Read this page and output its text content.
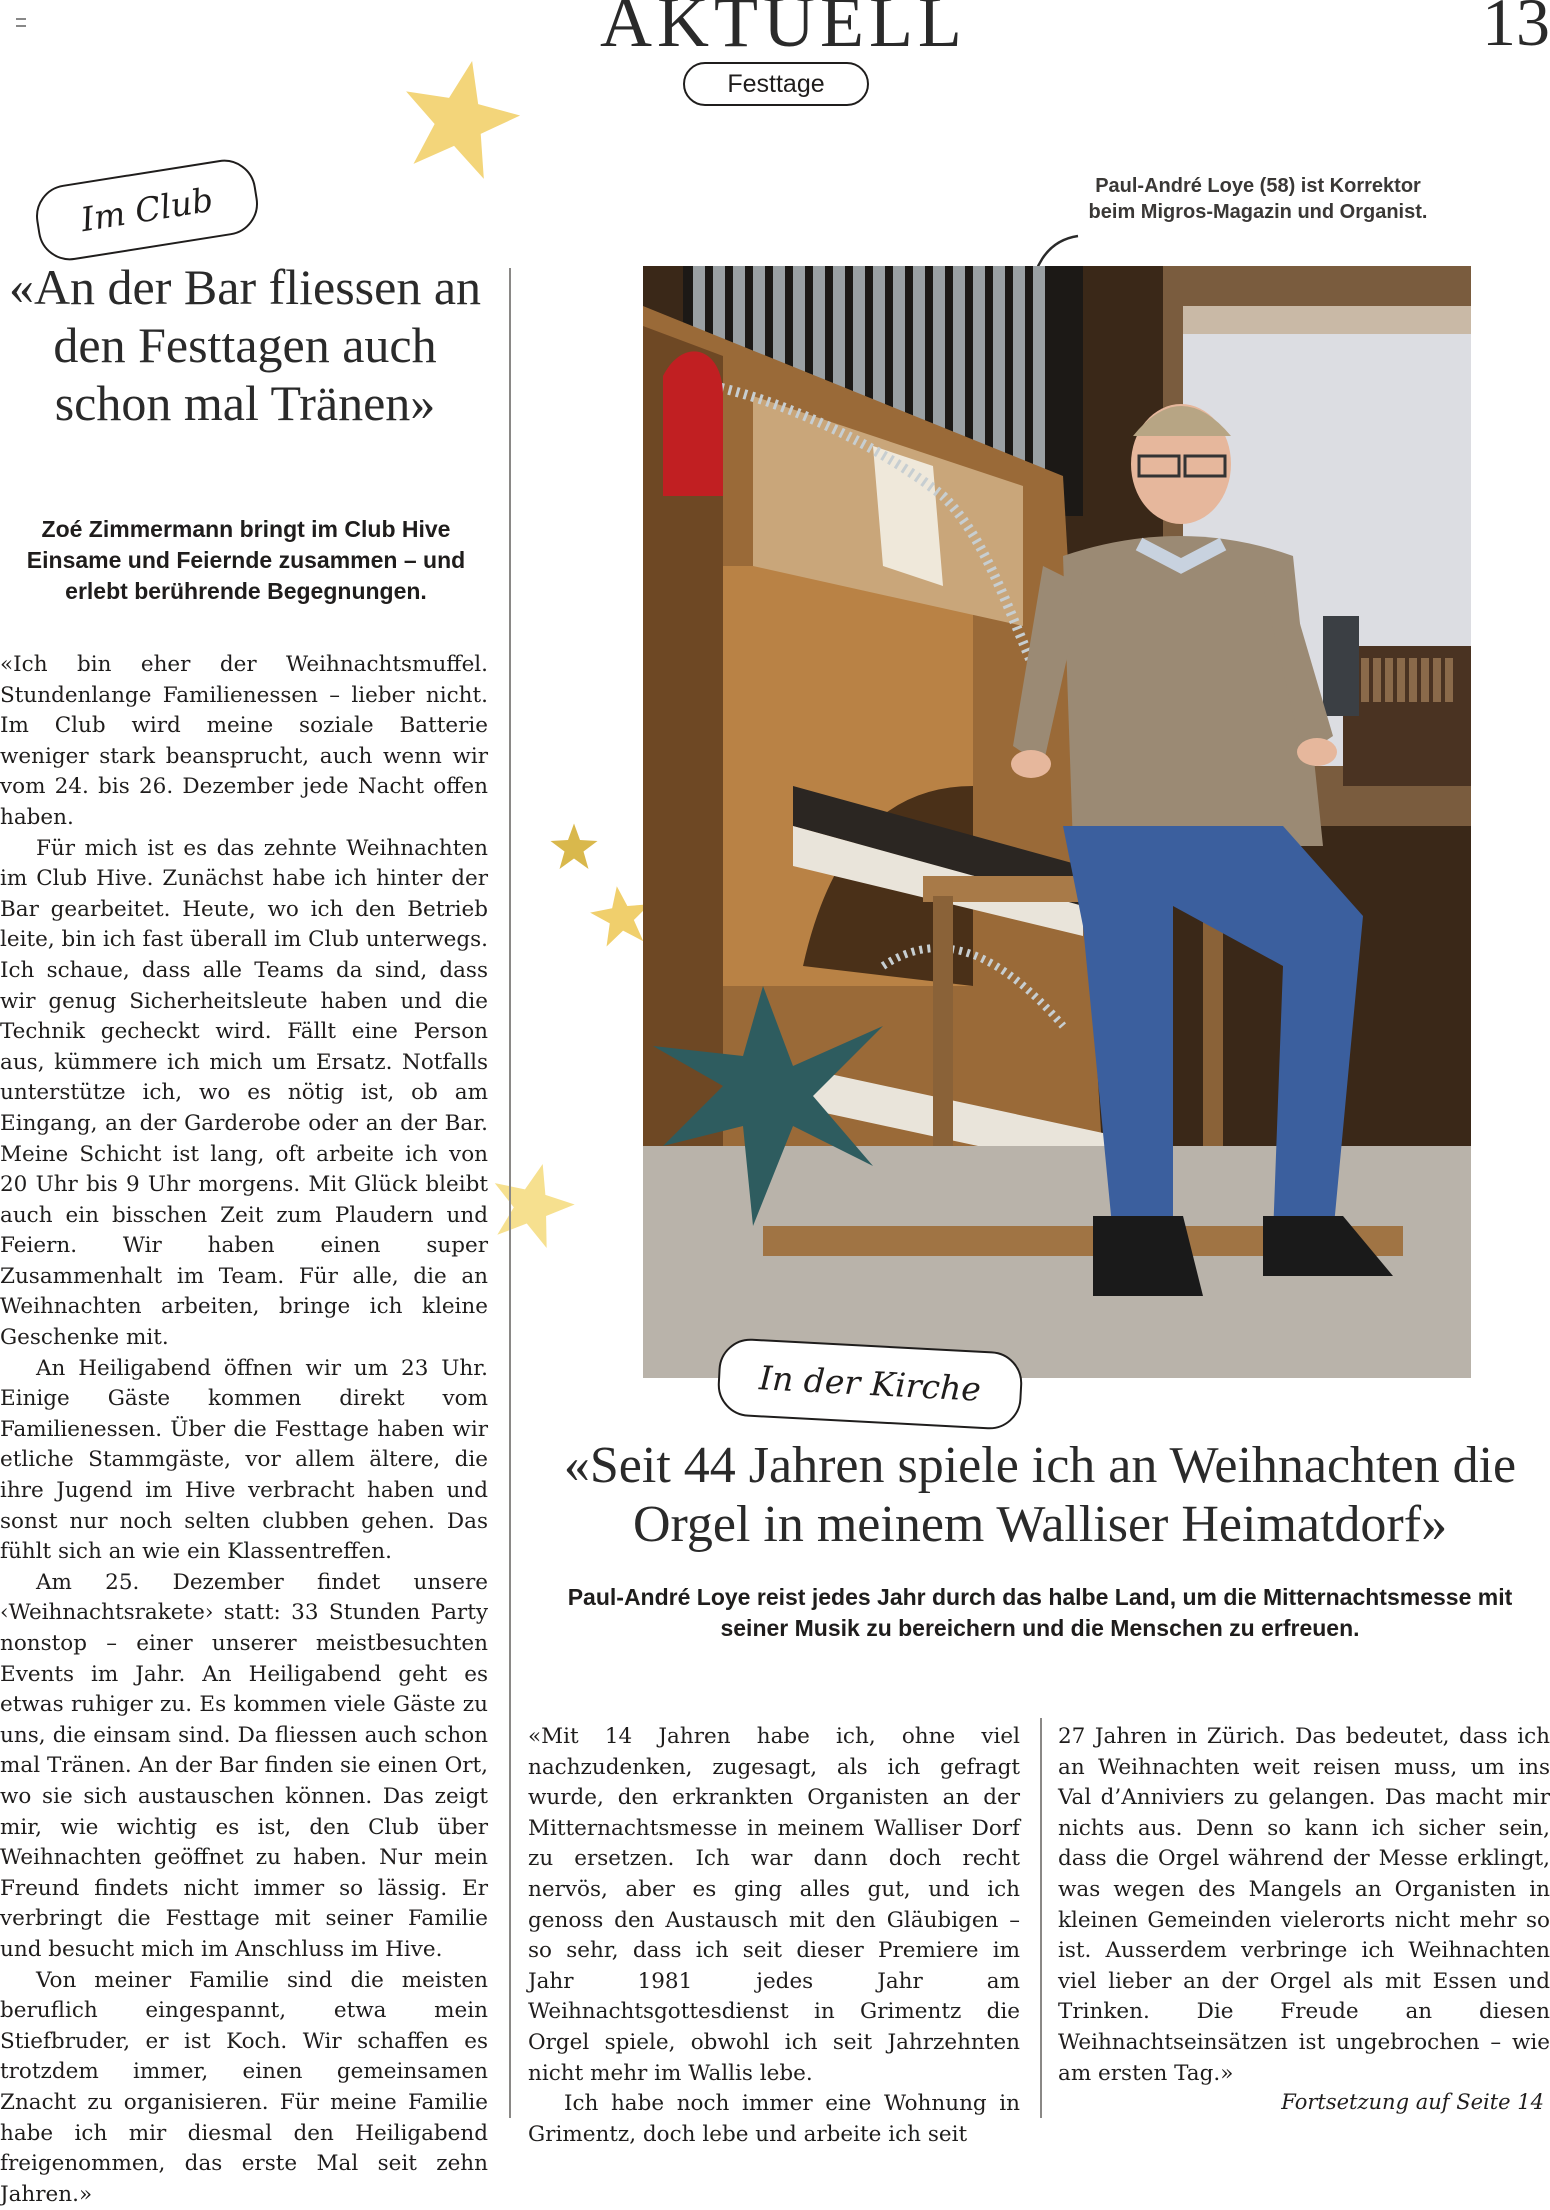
AKTUELL	13
Festtage
Im Club
«An der Bar fliessen an den Festtagen auch schon mal Tränen»
Zoé Zimmermann bringt im Club Hive Einsame und Feiernde zusammen – und erlebt berührende Begegnungen.

«Ich bin eher der Weihnachtsmuffel. Stundenlange Familienessen – lieber nicht. Im Club wird meine soziale Batterie weniger stark beansprucht, auch wenn wir vom 24. bis 26. Dezember jede Nacht offen haben.

Für mich ist es das zehnte Weihnachten im Club Hive. Zunächst habe ich hinter der Bar gearbeitet. Heute, wo ich den Betrieb leite, bin ich fast überall im Club unterwegs. Ich schaue, dass alle Teams da sind, dass wir genug Sicherheitsleute haben und die Technik gecheckt wird. Fällt eine Person aus, kümmere ich mich um Ersatz. Notfalls unterstütze ich, wo es nötig ist, ob am Eingang, an der Garderobe oder an der Bar. Meine Schicht ist lang, oft arbeite ich von 20 Uhr bis 9 Uhr morgens. Mit Glück bleibt auch ein bisschen Zeit zum Plaudern und Feiern. Wir haben einen super Zusammenhalt im Team. Für alle, die an Weihnachten arbeiten, bringe ich kleine Geschenke mit.

An Heiligabend öffnen wir um 23 Uhr. Einige Gäste kommen direkt vom Familienessen. Über die Festtage haben wir etliche Stammgäste, vor allem ältere, die ihre Jugend im Hive verbracht haben und sonst nur noch selten clubben gehen. Das fühlt sich an wie ein Klassentreffen.

Am 25. Dezember findet unsere ‹Weihnachtsrakete› statt: 33 Stunden Party nonstop – einer unserer meistbesuchten Events im Jahr. An Heiligabend geht es etwas ruhiger zu. Es kommen viele Gäste zu uns, die einsam sind. Da fliessen auch schon mal Tränen. An der Bar finden sie einen Ort, wo sie sich austauschen können. Das zeigt mir, wie wichtig es ist, den Club über Weihnachten geöffnet zu haben. Nur mein Freund findets nicht immer so lässig. Er verbringt die Festtage mit seiner Familie und besucht mich im Anschluss im Hive.

Von meiner Familie sind die meisten beruflich eingespannt, etwa mein Stiefbruder, er ist Koch. Wir schaffen es trotzdem immer, einen gemeinsamen Znacht zu organisieren. Für meine Familie habe ich mir diesmal den Heiligabend freigenommen, das erste Mal seit zehn Jahren.»

Paul-André Loye (58) ist Korrektor beim Migros-Magazin und Organist.
In der Kirche
«Seit 44 Jahren spiele ich an Weihnachten die Orgel in meinem Walliser Heimatdorf»
Paul-André Loye reist jedes Jahr durch das halbe Land, um die Mitternachtsmesse mit seiner Musik zu bereichern und die Menschen zu erfreuen.

«Mit 14 Jahren habe ich, ohne viel nachzudenken, zugesagt, als ich gefragt wurde, den erkrankten Organisten an der Mitternachtsmesse in meinem Walliser Dorf zu ersetzen. Ich war dann doch recht nervös, aber es ging alles gut, und ich genoss den Austausch mit den Gläubigen – so sehr, dass ich seit dieser Premiere im Jahr 1981 jedes Jahr am Weihnachtsgottesdienst in Grimentz die Orgel spiele, obwohl ich seit Jahrzehnten nicht mehr im Wallis lebe.

Ich habe noch immer eine Wohnung in Grimentz, doch lebe und arbeite ich seit

27 Jahren in Zürich. Das bedeutet, dass ich an Weihnachten weit reisen muss, um ins Val d’Anniviers zu gelangen. Das macht mir nichts aus. Denn so kann ich sicher sein, dass die Orgel während der Messe erklingt, was wegen des Mangels an Organisten in kleinen Gemeinden vielerorts nicht mehr so ist. Ausserdem verbringe ich Weihnachten viel lieber an der Orgel als mit Essen und Trinken. Die Freude an diesen Weihnachtseinsätzen ist ungebrochen – wie am ersten Tag.»

Fortsetzung auf Seite 14
